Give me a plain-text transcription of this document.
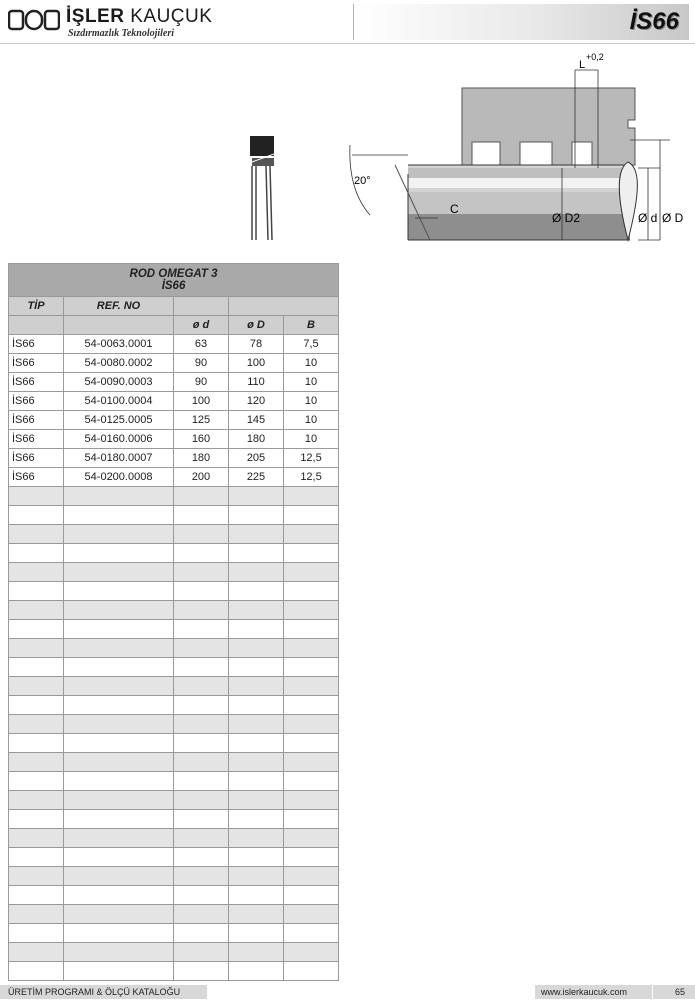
İŞLER KAUÇUK
Sızdırmazlık Teknolojileri	İS66
+0,2
L
20°
C
Ø D2	Ø d Ø D
ROD OMEGAT 3
İS66				
TİP	REF. NO			
		ø d	ø D	B
İS66	54-0063.0001	63	78	7,5
İS66	54-0080.0002	90	100	10
İS66	54-0090.0003	90	110	10
İS66	54-0100.0004	100	120	10
İS66	54-0125.0005	125	145	10
İS66	54-0160.0006	160	180	10
İS66	54-0180.0007	180	205	12,5
İS66	54-0200.0008	200	225	12,5

ÜRETİM PROGRAMI & ÖLÇÜ KATALOĞU	www.islerkaucuk.com	65
